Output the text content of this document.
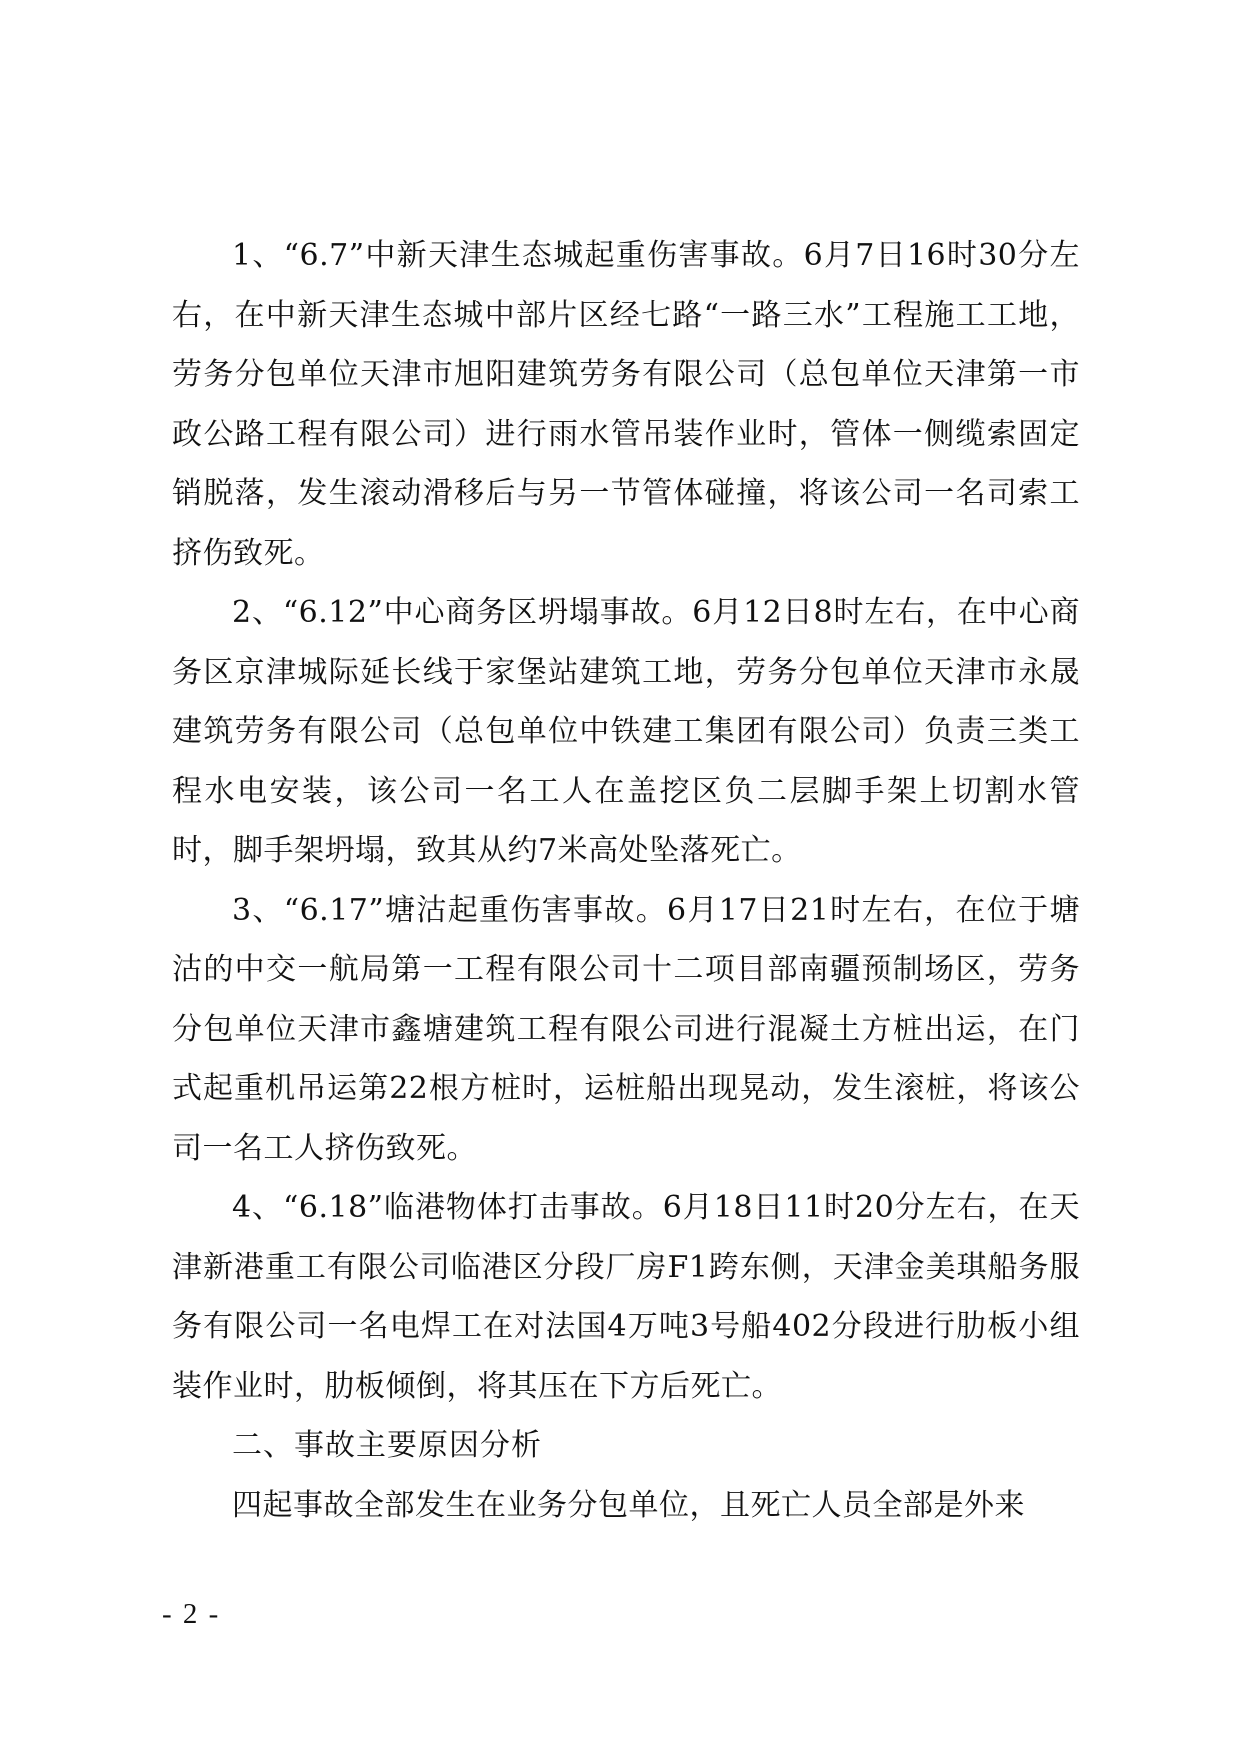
1、“6.7”中新天津生态城起重伤害事故。6月7日16时30分左右，在中新天津生态城中部片区经七路“一路三水”工程施工工地，劳务分包单位天津市旭阳建筑劳务有限公司（总包单位天津第一市政公路工程有限公司）进行雨水管吊装作业时，管体一侧缆索固定销脱落，发生滚动滑移后与另一节管体碰撞，将该公司一名司索工挤伤致死。

2、“6.12”中心商务区坍塌事故。6月12日8时左右，在中心商务区京津城际延长线于家堡站建筑工地，劳务分包单位天津市永晟建筑劳务有限公司（总包单位中铁建工集团有限公司）负责三类工程水电安装，该公司一名工人在盖挖区负二层脚手架上切割水管时，脚手架坍塌，致其从约7米高处坠落死亡。

3、“6.17”塘沽起重伤害事故。6月17日21时左右，在位于塘沽的中交一航局第一工程有限公司十二项目部南疆预制场区，劳务分包单位天津市鑫塘建筑工程有限公司进行混凝土方桩出运，在门式起重机吊运第22根方桩时，运桩船出现晃动，发生滚桩，将该公司一名工人挤伤致死。

4、“6.18”临港物体打击事故。6月18日11时20分左右，在天津新港重工有限公司临港区分段厂房F1跨东侧，天津金美琪船务服务有限公司一名电焊工在对法国4万吨3号船402分段进行肋板小组装作业时，肋板倾倒，将其压在下方后死亡。

二、事故主要原因分析

四起事故全部发生在业务分包单位，且死亡人员全部是外来

- 2 -
